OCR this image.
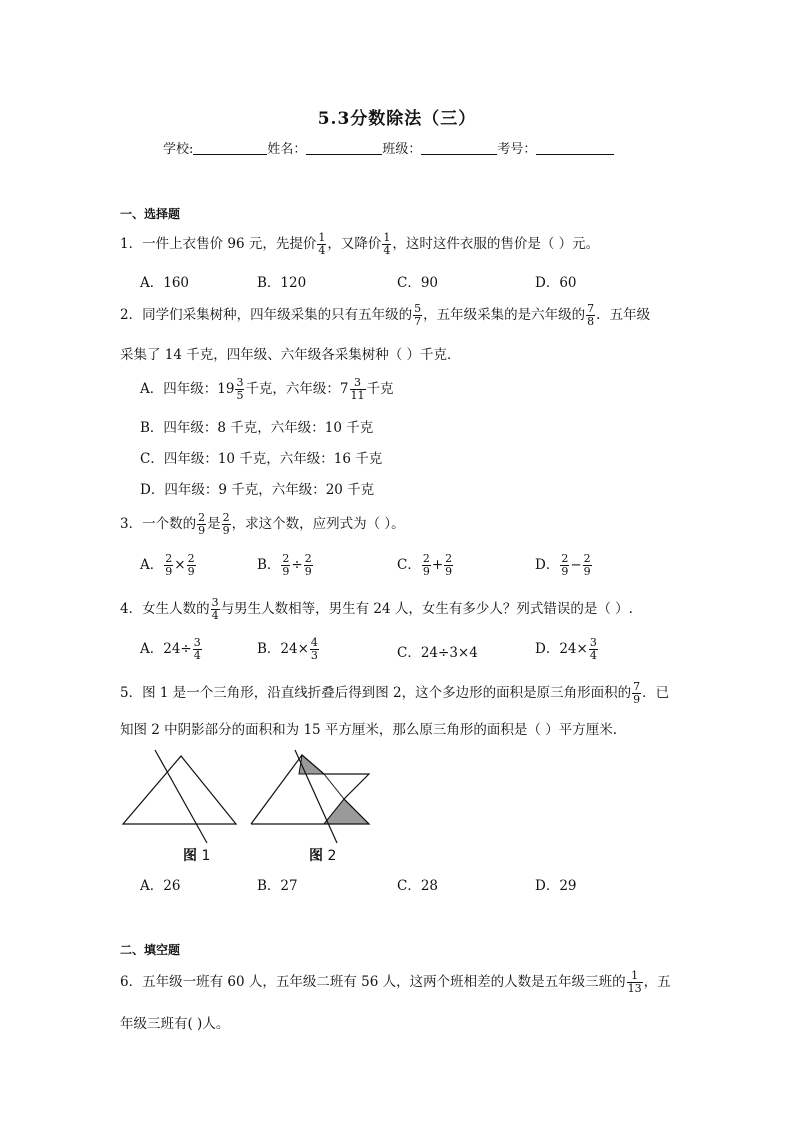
5.3分数除法（三）
学校:	姓名：	班级：	考号：
一、选择题
1．一件上衣售价 96 元，先提价 $\frac{1}{4}$ ，又降价 $\frac{1}{4}$ ，这时这件衣服的售价是（ ）元。
A．160	B．120	C．90	D．60
2．同学们采集树种，四年级采集的只有五年级的 $\frac{5}{7}$ ，五年级采集的是六年级的 $\frac{7}{8}$ ．五年级
采集了 14 千克，四年级、六年级各采集树种（ ）千克．
A．四年级：$19 \frac{3}{5}$ 千克，六年级：$7 \frac{3}{11}$ 千克
B．四年级：8 千克，六年级：10 千克
C．四年级：10 千克，六年级：16 千克
D．四年级：9 千克，六年级：20 千克
3．一个数的 $\frac{2}{9}$ 是 $\frac{2}{9}$ ，求这个数，应列式为（ ）。
A． $\frac{2}{9} \times \frac{2}{9}$	B． $\frac{2}{9} \div \frac{2}{9}$	C． $\frac{2}{9} + \frac{2}{9}$	D． $\frac{2}{9} - \frac{2}{9}$
4．女生人数的 $\frac{3}{4}$ 与男生人数相等，男生有 24 人，女生有多少人？列式错误的是（ ）.
A．$24\div \frac{3}{4}$	B．$24\times \frac{4}{3}$	C．24÷3×4	D．$24\times \frac{3}{4}$
5．图 1 是一个三角形，沿直线折叠后得到图 2，这个多边形的面积是原三角形面积的 $\frac{7}{9}$ ．已
知图 2 中阴影部分的面积和为 15 平方厘米，那么原三角形的面积是（ ）平方厘米.
图 1	图 2
A．26	B．27	C．28	D．29
二、填空题
6．五年级一班有 60 人，五年级二班有 56 人，这两个班相差的人数是五年级三班的 $\frac{1}{13}$ ，五
年级三班有( )人。
